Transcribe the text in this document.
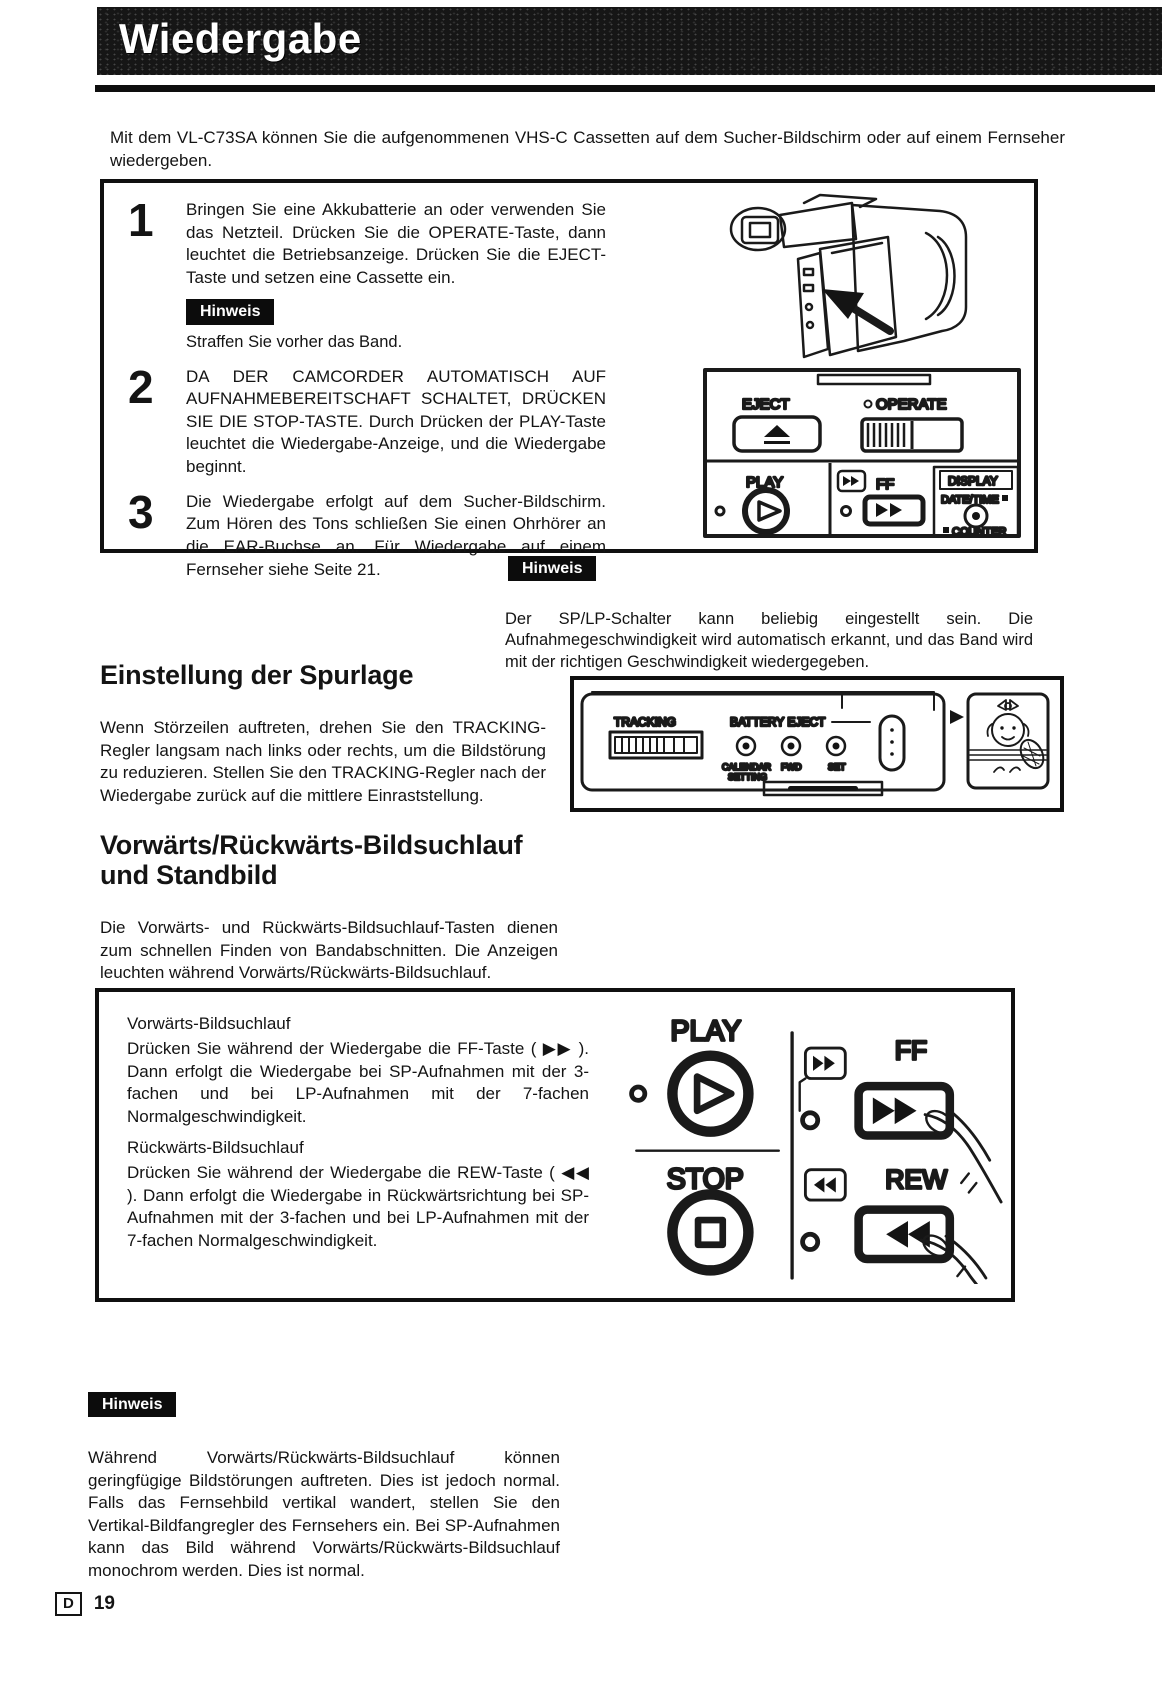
Wiedergabe

Mit dem VL-C73SA können Sie die aufgenommenen VHS-C Cassetten auf dem Sucher-Bildschirm oder auf einem Fernseher wiedergeben.

1	Bringen Sie eine Akkubatterie an oder verwenden Sie das Netzteil. Drücken Sie die OPERATE-Taste, dann leuchtet die Betriebsanzeige. Drücken Sie die EJECT-Taste und setzen eine Cassette ein.
Hinweis
Straffen Sie vorher das Band.
2	DA DER CAMCORDER AUTOMATISCH AUF AUFNAHMEBEREITSCHAFT SCHALTET, DRÜCKEN SIE DIE STOP-TASTE. Durch Drücken der PLAY-Taste leuchtet die Wiedergabe-Anzeige, und die Wiedergabe beginnt.
3	Die Wiedergabe erfolgt auf dem Sucher-Bildschirm. Zum Hören des Tons schließen Sie einen Ohrhörer an die EAR-Buchse an. Für Wiedergabe auf einem Fernseher siehe Seite 21.
EJECT	OPERATE
PLAY	FF	DISPLAY
DATE/TIME
COUNTER
Hinweis

Der SP/LP-Schalter kann beliebig eingestellt sein. Die Aufnahmegeschwindigkeit wird automatisch erkannt, und das Band wird mit der richtigen Geschwindigkeit wiedergegeben.

Einstellung der Spurlage

Wenn Störzeilen auftreten, drehen Sie den TRACKING-Regler langsam nach links oder rechts, um die Bildstörung zu reduzieren. Stellen Sie den TRACKING-Regler nach der Wiedergabe zurück auf die mittlere Einraststellung.

TRACKING	BATTERY EJECT
CALENDAR
SETTING
FWD	SET
Vorwärts/Rückwärts-Bildsuchlauf
und Standbild

Die Vorwärts- und Rückwärts-Bildsuchlauf-Tasten dienen zum schnellen Finden von Bandabschnitten. Die Anzeigen leuchten während Vorwärts/Rückwärts-Bildsuchlauf.

Vorwärts-Bildsuchlauf

Drücken Sie während der Wiedergabe die FF-Taste ( ▶▶ ). Dann erfolgt die Wiedergabe bei SP-Aufnahmen mit der 3-fachen und bei LP-Aufnahmen mit der 7-fachen Normalgeschwindigkeit.

Rückwärts-Bildsuchlauf

Drücken Sie während der Wiedergabe die REW-Taste ( ◀◀ ). Dann erfolgt die Wiedergabe in Rückwärtsrichtung bei SP-Aufnahmen mit der 3-fachen und bei LP-Aufnahmen mit der 7-fachen Normalgeschwindigkeit.
PLAY
STOP
FF
REW
Hinweis

Während Vorwärts/Rückwärts-Bildsuchlauf können geringfügige Bildstörungen auftreten. Dies ist jedoch normal. Falls das Fernsehbild vertikal wandert, stellen Sie den Vertikal-Bildfangregler des Fernsehers ein. Bei SP-Aufnahmen kann das Bild während Vorwärts/Rückwärts-Bildsuchlauf monochrom werden. Dies ist normal.

D	19
